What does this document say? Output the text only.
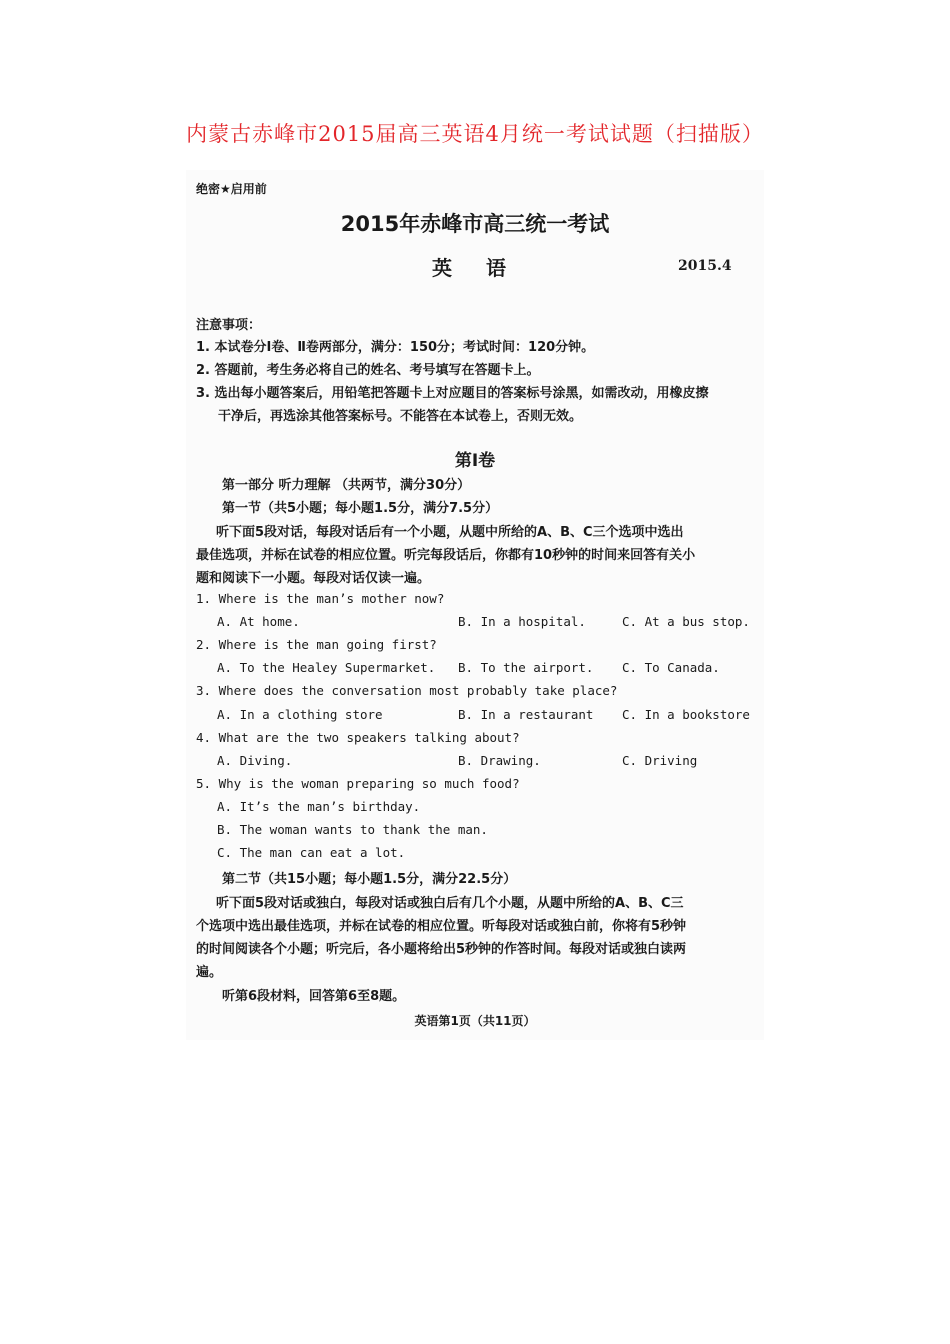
内蒙古赤峰市2015届高三英语4月统一考试试题（扫描版）
绝密★启用前
2015年赤峰市高三统一考试
英语	2015.4
注意事项：
1. 本试卷分Ⅰ卷、Ⅱ卷两部分，满分：150分；考试时间：120分钟。
2. 答题前，考生务必将自己的姓名、考号填写在答题卡上。
3. 选出每小题答案后，用铅笔把答题卡上对应题目的答案标号涂黑，如需改动，用橡皮擦
干净后，再选涂其他答案标号。不能答在本试卷上，否则无效。
第Ⅰ卷
第一部分 听力理解 （共两节，满分30分）
第一节（共5小题；每小题1.5分，满分7.5分）
听下面5段对话，每段对话后有一个小题，从题中所给的A、B、C三个选项中选出
最佳选项，并标在试卷的相应位置。听完每段话后，你都有10秒钟的时间来回答有关小
题和阅读下一小题。每段对话仅读一遍。
1. Where is the man’s mother now?
A. At home.	B. In a hospital.	C. At a bus stop.
2. Where is the man going first?
A. To the Healey Supermarket. B. To the airport. C. To Canada.
3. Where does the conversation most probably take place?
A. In a clothing store	B. In a restaurant C. In a bookstore
4. What are the two speakers talking about?
A. Diving.	B. Drawing.	C. Driving
5. Why is the woman preparing so much food?
A. It’s the man’s birthday.
B. The woman wants to thank the man.
C. The man can eat a lot.
第二节（共15小题；每小题1.5分，满分22.5分）
听下面5段对话或独白，每段对话或独白后有几个小题，从题中所给的A、B、C三
个选项中选出最佳选项，并标在试卷的相应位置。听每段对话或独白前，你将有5秒钟
的时间阅读各个小题；听完后，各小题将给出5秒钟的作答时间。每段对话或独白读两
遍。
听第6段材料，回答第6至8题。
英语第1页（共11页）
